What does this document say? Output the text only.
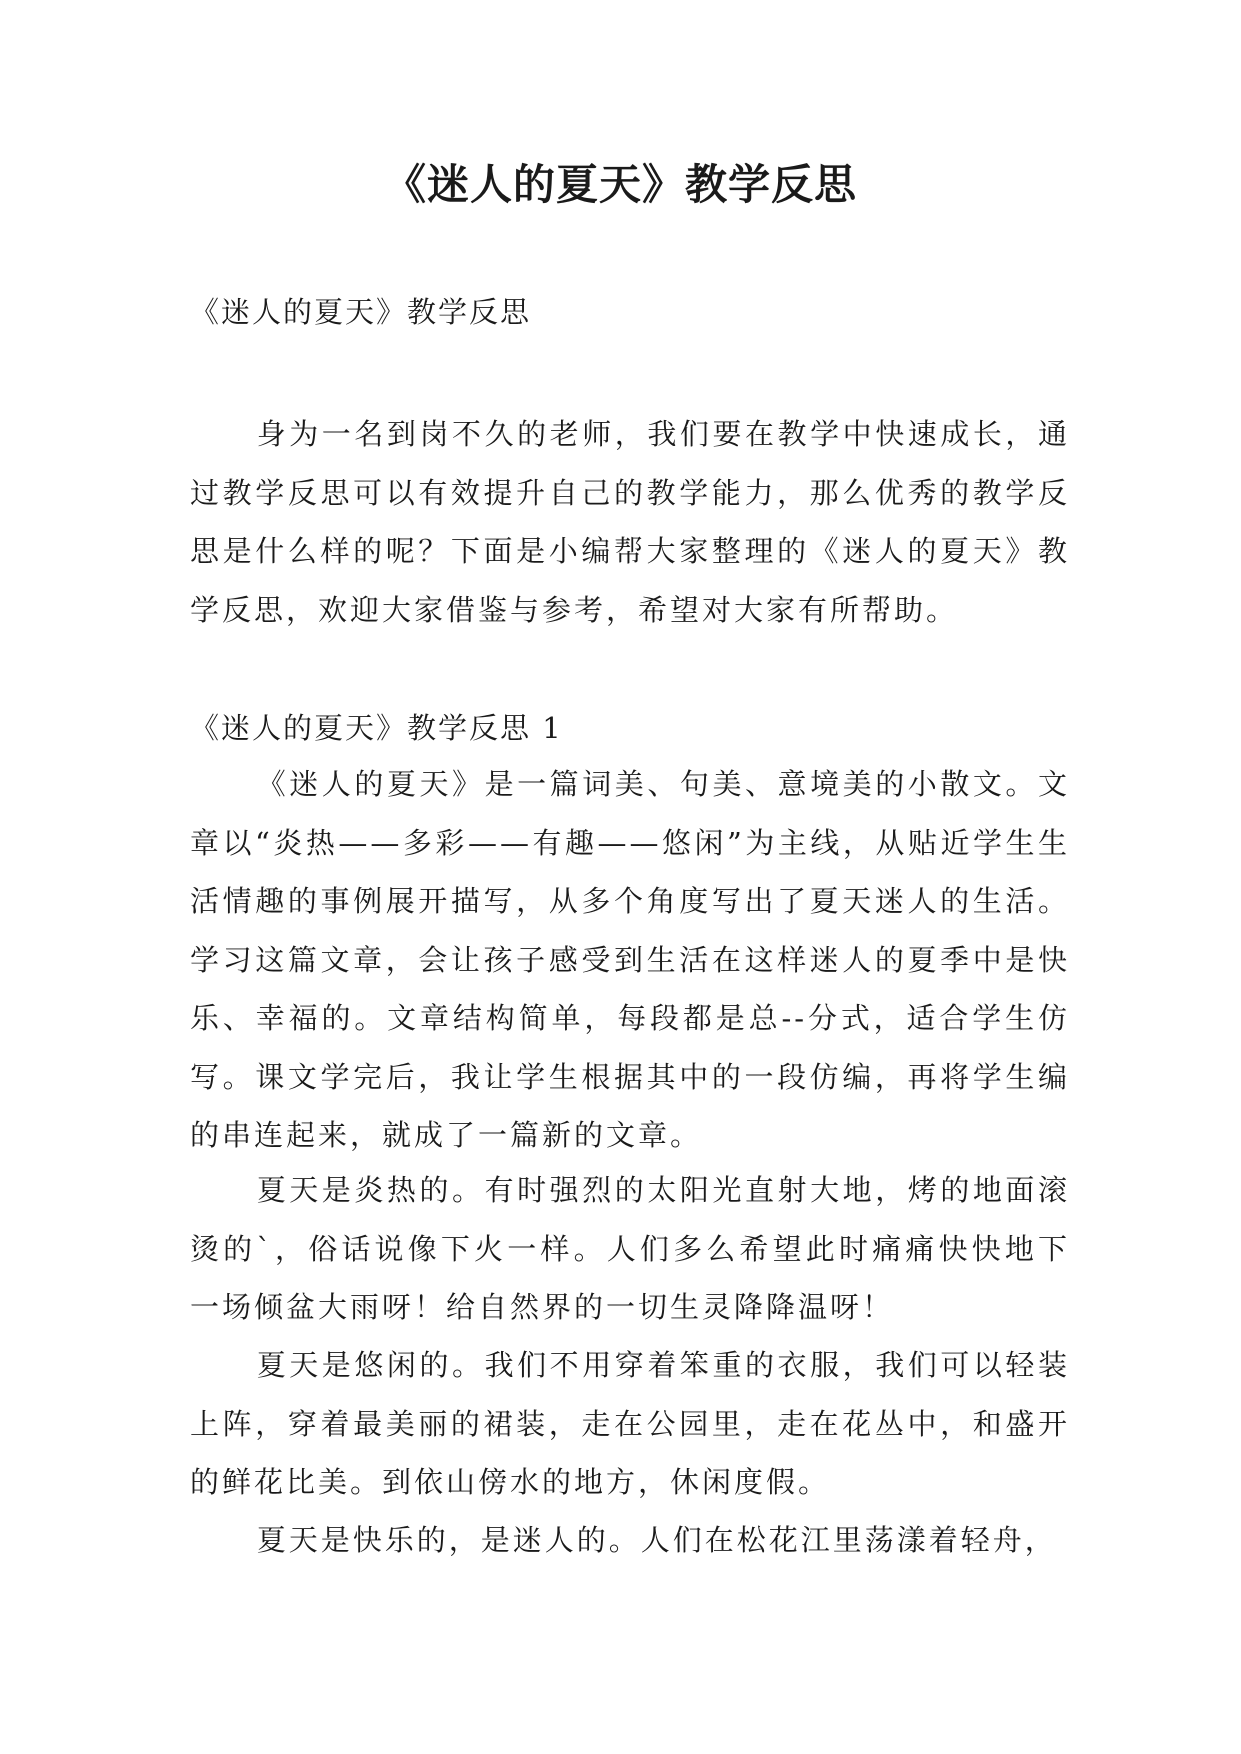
《迷人的夏天》教学反思

《迷人的夏天》教学反思

身为一名到岗不久的老师，我们要在教学中快速成长，通过教学反思可以有效提升自己的教学能力，那么优秀的教学反思是什么样的呢？下面是小编帮大家整理的《迷人的夏天》教学反思，欢迎大家借鉴与参考，希望对大家有所帮助。

《迷人的夏天》教学反思 1

《迷人的夏天》是一篇词美、句美、意境美的小散文。文章以“炎热——多彩——有趣——悠闲”为主线，从贴近学生生活情趣的事例展开描写，从多个角度写出了夏天迷人的生活。学习这篇文章，会让孩子感受到生活在这样迷人的夏季中是快乐、幸福的。文章结构简单，每段都是总--分式，适合学生仿写。课文学完后，我让学生根据其中的一段仿编，再将学生编的串连起来，就成了一篇新的文章。

夏天是炎热的。有时强烈的太阳光直射大地，烤的地面滚烫的`，俗话说像下火一样。人们多么希望此时痛痛快快地下一场倾盆大雨呀！给自然界的一切生灵降降温呀！

夏天是悠闲的。我们不用穿着笨重的衣服，我们可以轻装上阵，穿着最美丽的裙装，走在公园里，走在花丛中，和盛开的鲜花比美。到依山傍水的地方，休闲度假。

夏天是快乐的，是迷人的。人们在松花江里荡漾着轻舟，
